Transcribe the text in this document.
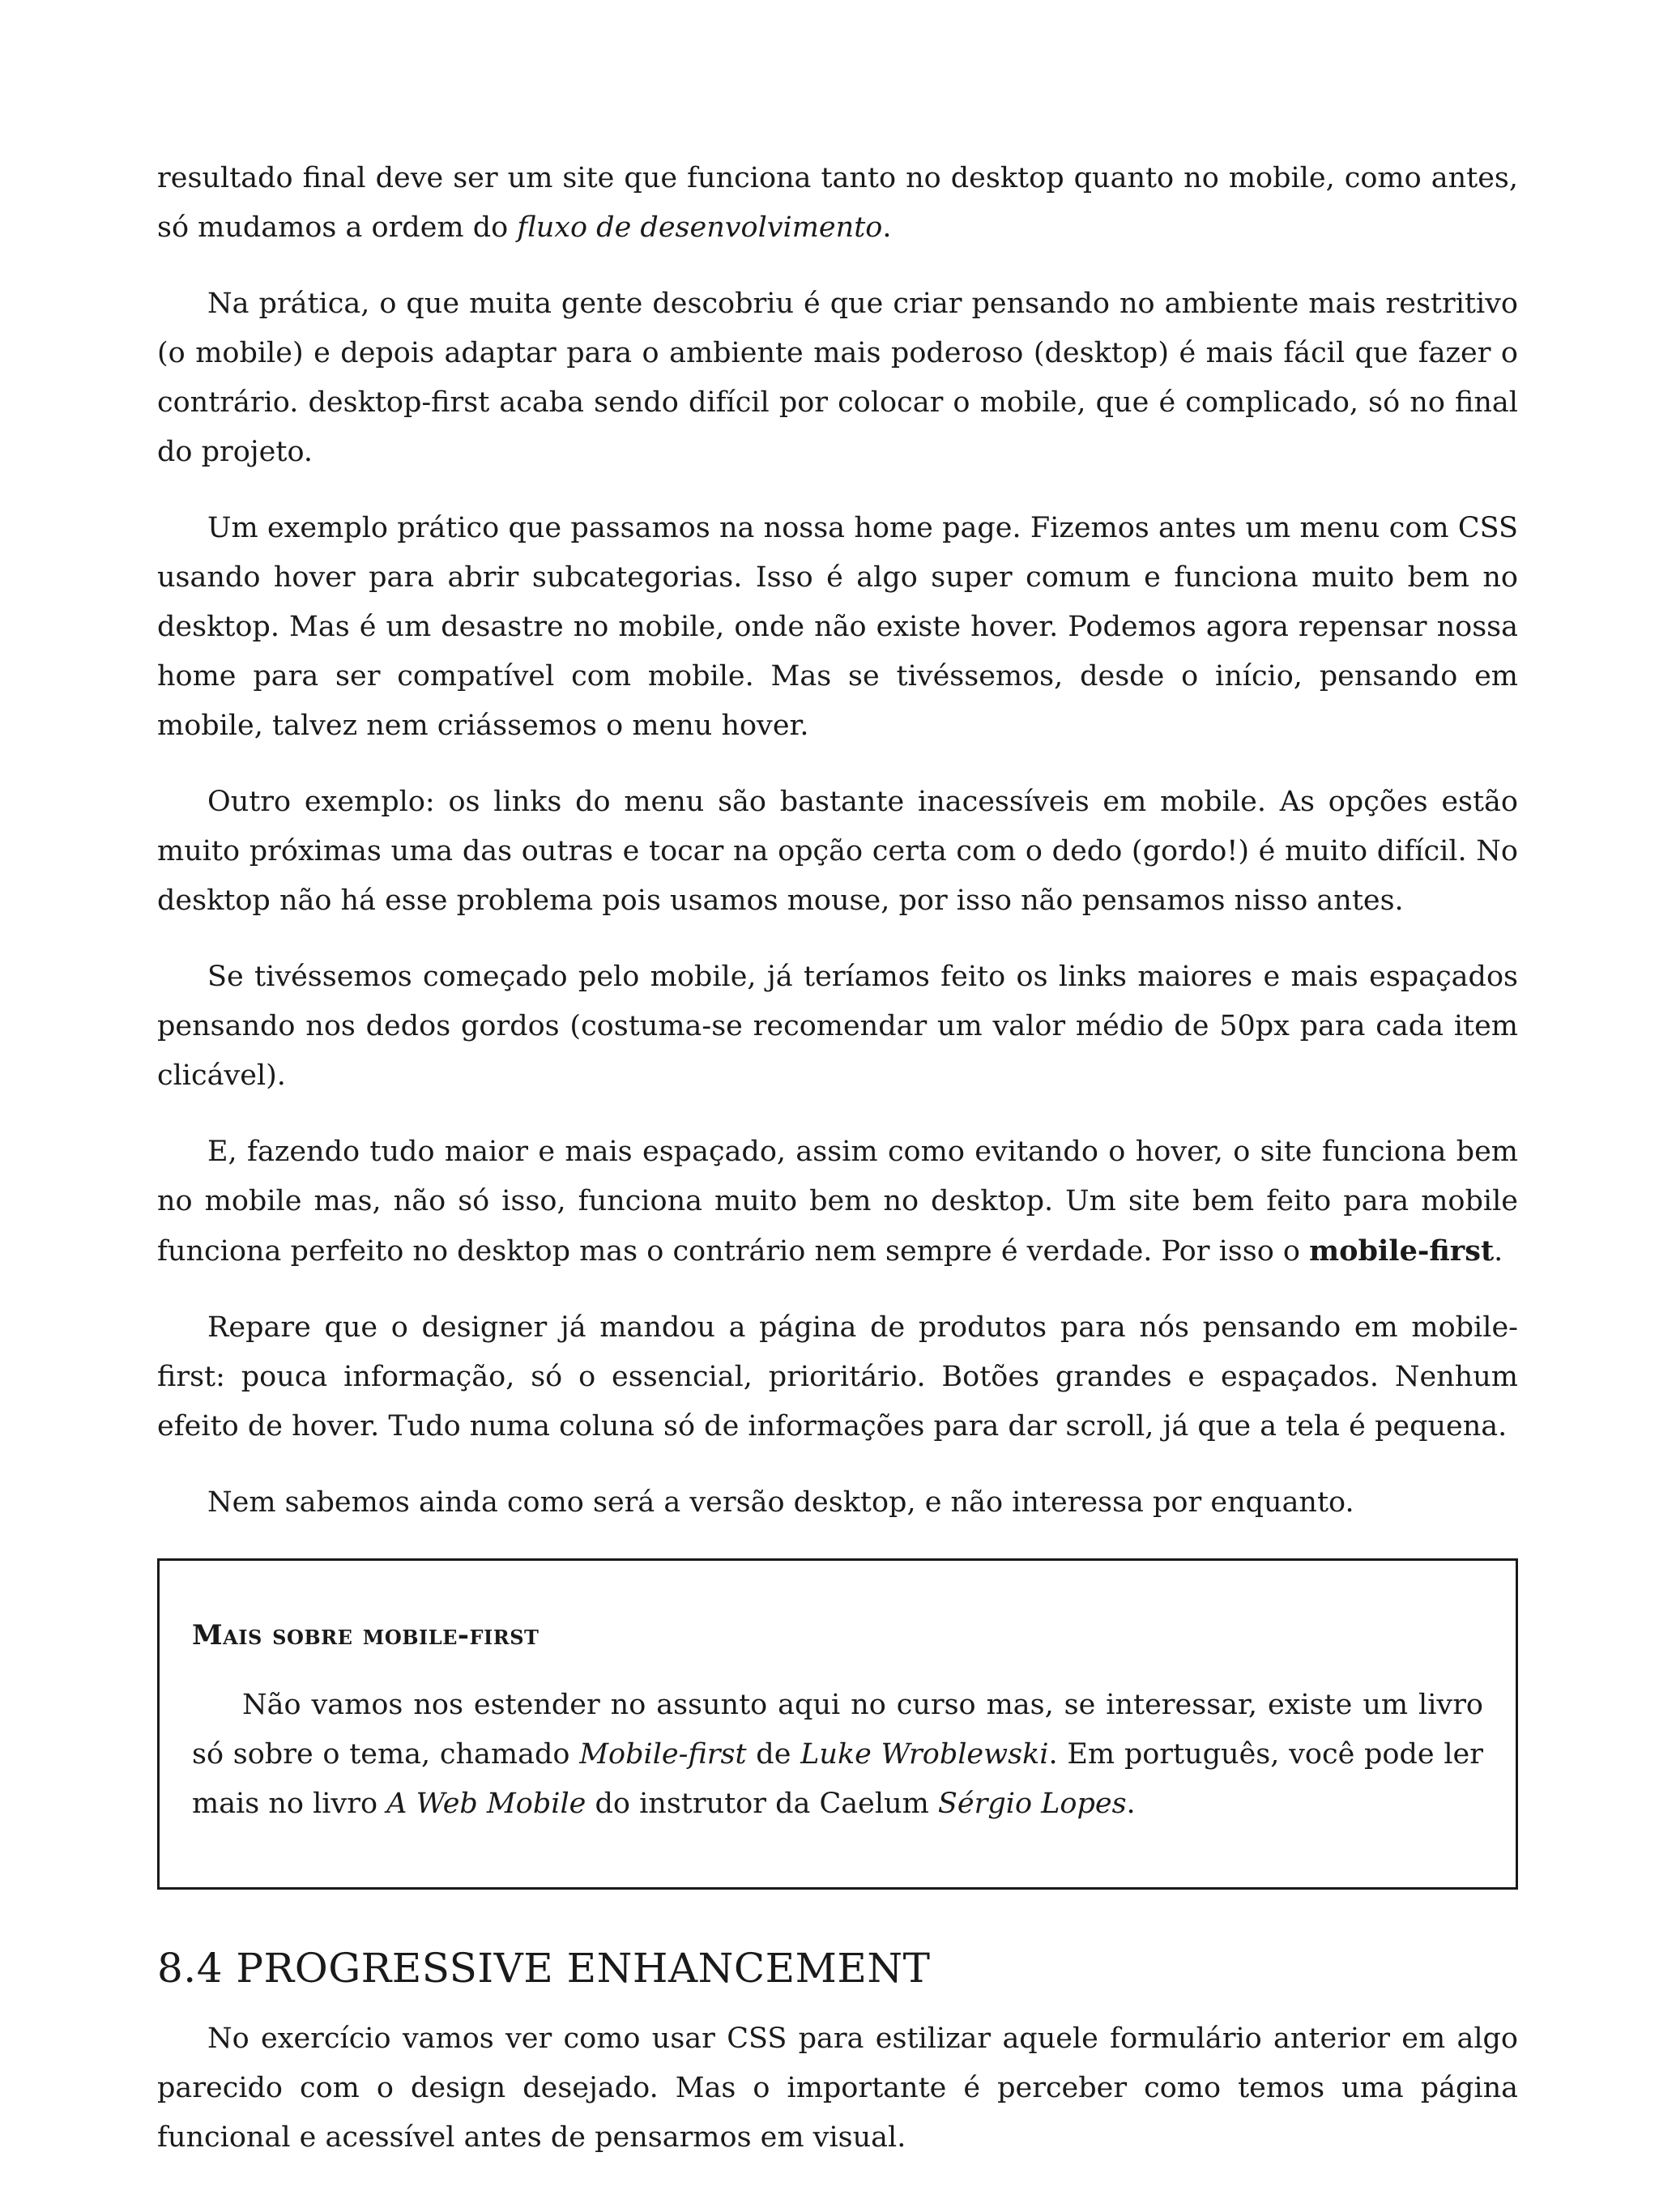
resultado final deve ser um site que funciona tanto no desktop quanto no mobile, como antes, só mudamos a ordem do fluxo de desenvolvimento.

Na prática, o que muita gente descobriu é que criar pensando no ambiente mais restritivo (o mobile) e depois adaptar para o ambiente mais poderoso (desktop) é mais fácil que fazer o contrário. desktop-first acaba sendo difícil por colocar o mobile, que é complicado, só no final do projeto.

Um exemplo prático que passamos na nossa home page. Fizemos antes um menu com CSS usando hover para abrir subcategorias. Isso é algo super comum e funciona muito bem no desktop. Mas é um desastre no mobile, onde não existe hover. Podemos agora repensar nossa home para ser compatível com mobile. Mas se tivéssemos, desde o início, pensando em mobile, talvez nem criássemos o menu hover.

Outro exemplo: os links do menu são bastante inacessíveis em mobile. As opções estão muito próximas uma das outras e tocar na opção certa com o dedo (gordo!) é muito difícil. No desktop não há esse problema pois usamos mouse, por isso não pensamos nisso antes.

Se tivéssemos começado pelo mobile, já teríamos feito os links maiores e mais espaçados pensando nos dedos gordos (costuma-se recomendar um valor médio de 50px para cada item clicável).

E, fazendo tudo maior e mais espaçado, assim como evitando o hover, o site funciona bem no mobile mas, não só isso, funciona muito bem no desktop. Um site bem feito para mobile funciona perfeito no desktop mas o contrário nem sempre é verdade. Por isso o mobile-first.

Repare que o designer já mandou a página de produtos para nós pensando em mobile-first: pouca informação, só o essencial, prioritário. Botões grandes e espaçados. Nenhum efeito de hover. Tudo numa coluna só de informações para dar scroll, já que a tela é pequena.

Nem sabemos ainda como será a versão desktop, e não interessa por enquanto.

Mais sobre mobile-first

Não vamos nos estender no assunto aqui no curso mas, se interessar, existe um livro só sobre o tema, chamado Mobile-first de Luke Wroblewski. Em português, você pode ler mais no livro A Web Mobile do instrutor da Caelum Sérgio Lopes.

8.4 PROGRESSIVE ENHANCEMENT

No exercício vamos ver como usar CSS para estilizar aquele formulário anterior em algo parecido com o design desejado. Mas o importante é perceber como temos uma página funcional e acessível antes de pensarmos em visual.
